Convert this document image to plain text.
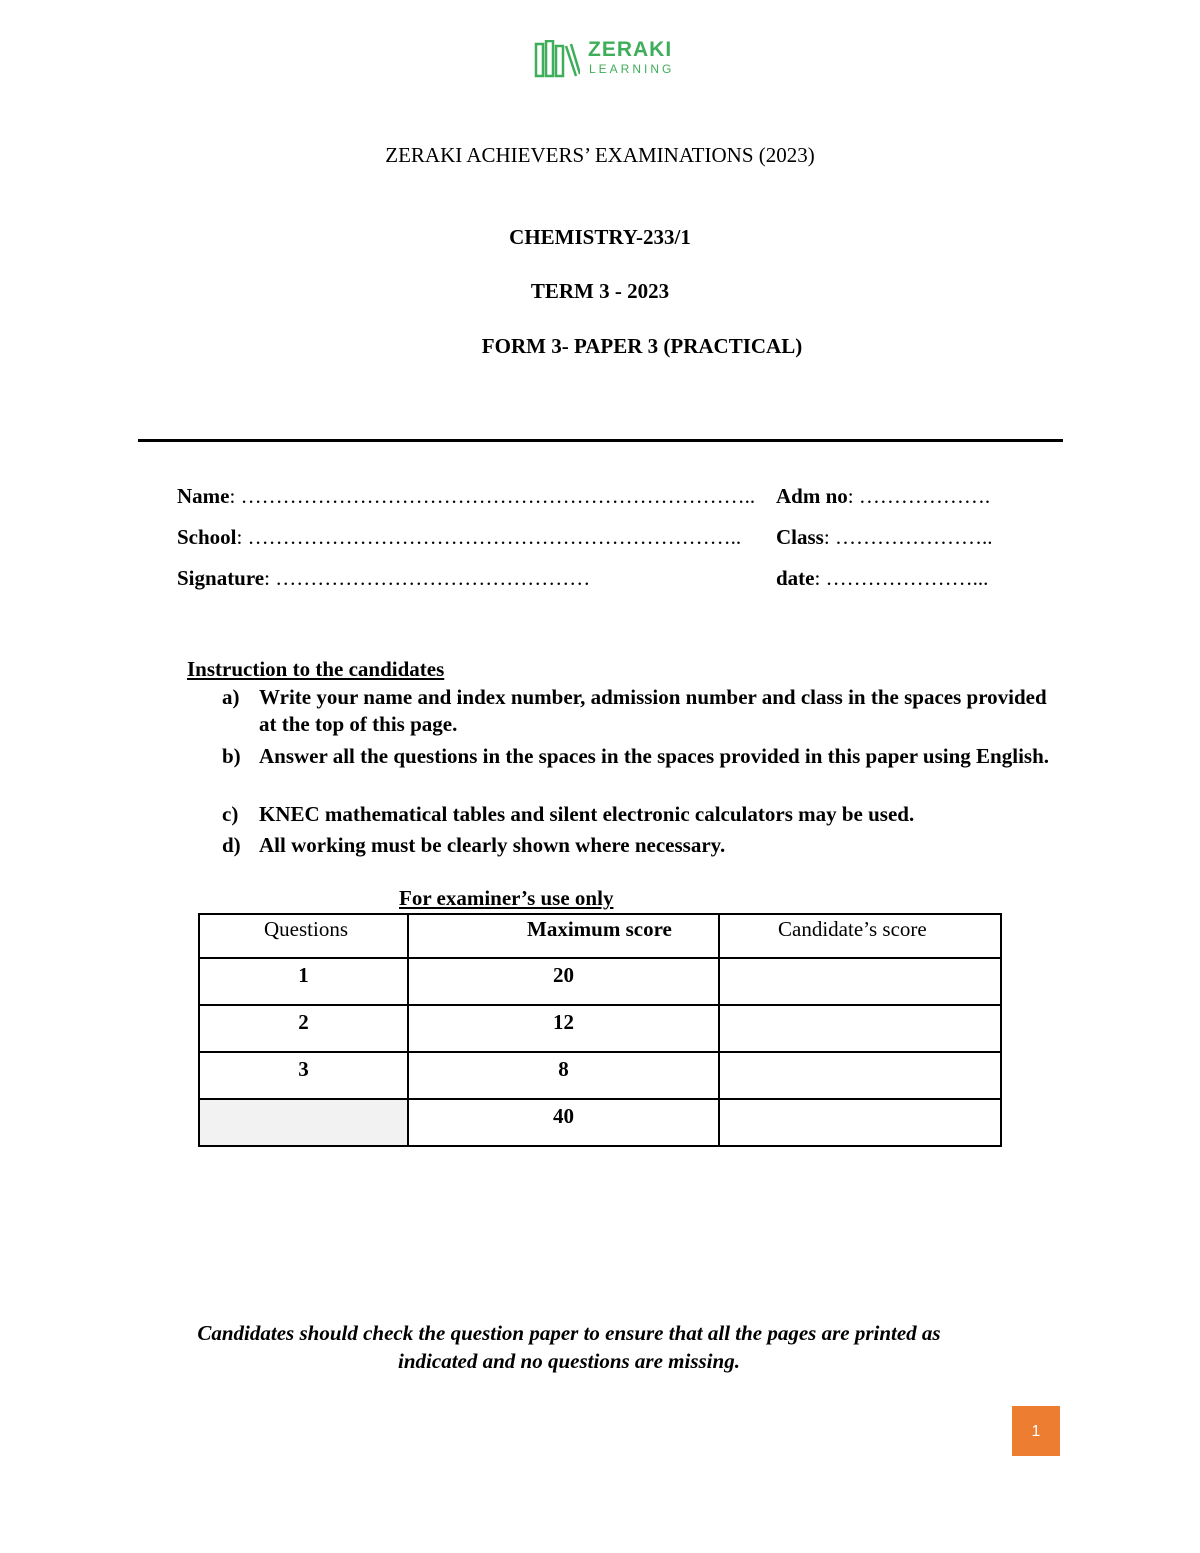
ZERAKI
LEARNING
ZERAKI ACHIEVERS’ EXAMINATIONS (2023)
CHEMISTRY-233/1
TERM 3 - 2023
FORM 3- PAPER 3 (PRACTICAL)
Name: ……………………………………………………………….. Adm no: ……………….
School: …………………………………………………………….. Class: …………………..
Signature: ………………………………………	date: …………………...
Instruction to the candidates
a) Write your name and index number, admission number and class in the spaces provided at the top of this page.
b) Answer all the questions in the spaces in the spaces provided in this paper using English.
c) KNEC mathematical tables and silent electronic calculators may be used.
d) All working must be clearly shown where necessary.
For examiner’s use only
Questions	Maximum score	Candidate’s score
1	20	
2	12	
3	8	
	40	
Candidates should check the question paper to ensure that all the pages are printed as
indicated and no questions are missing.
1
